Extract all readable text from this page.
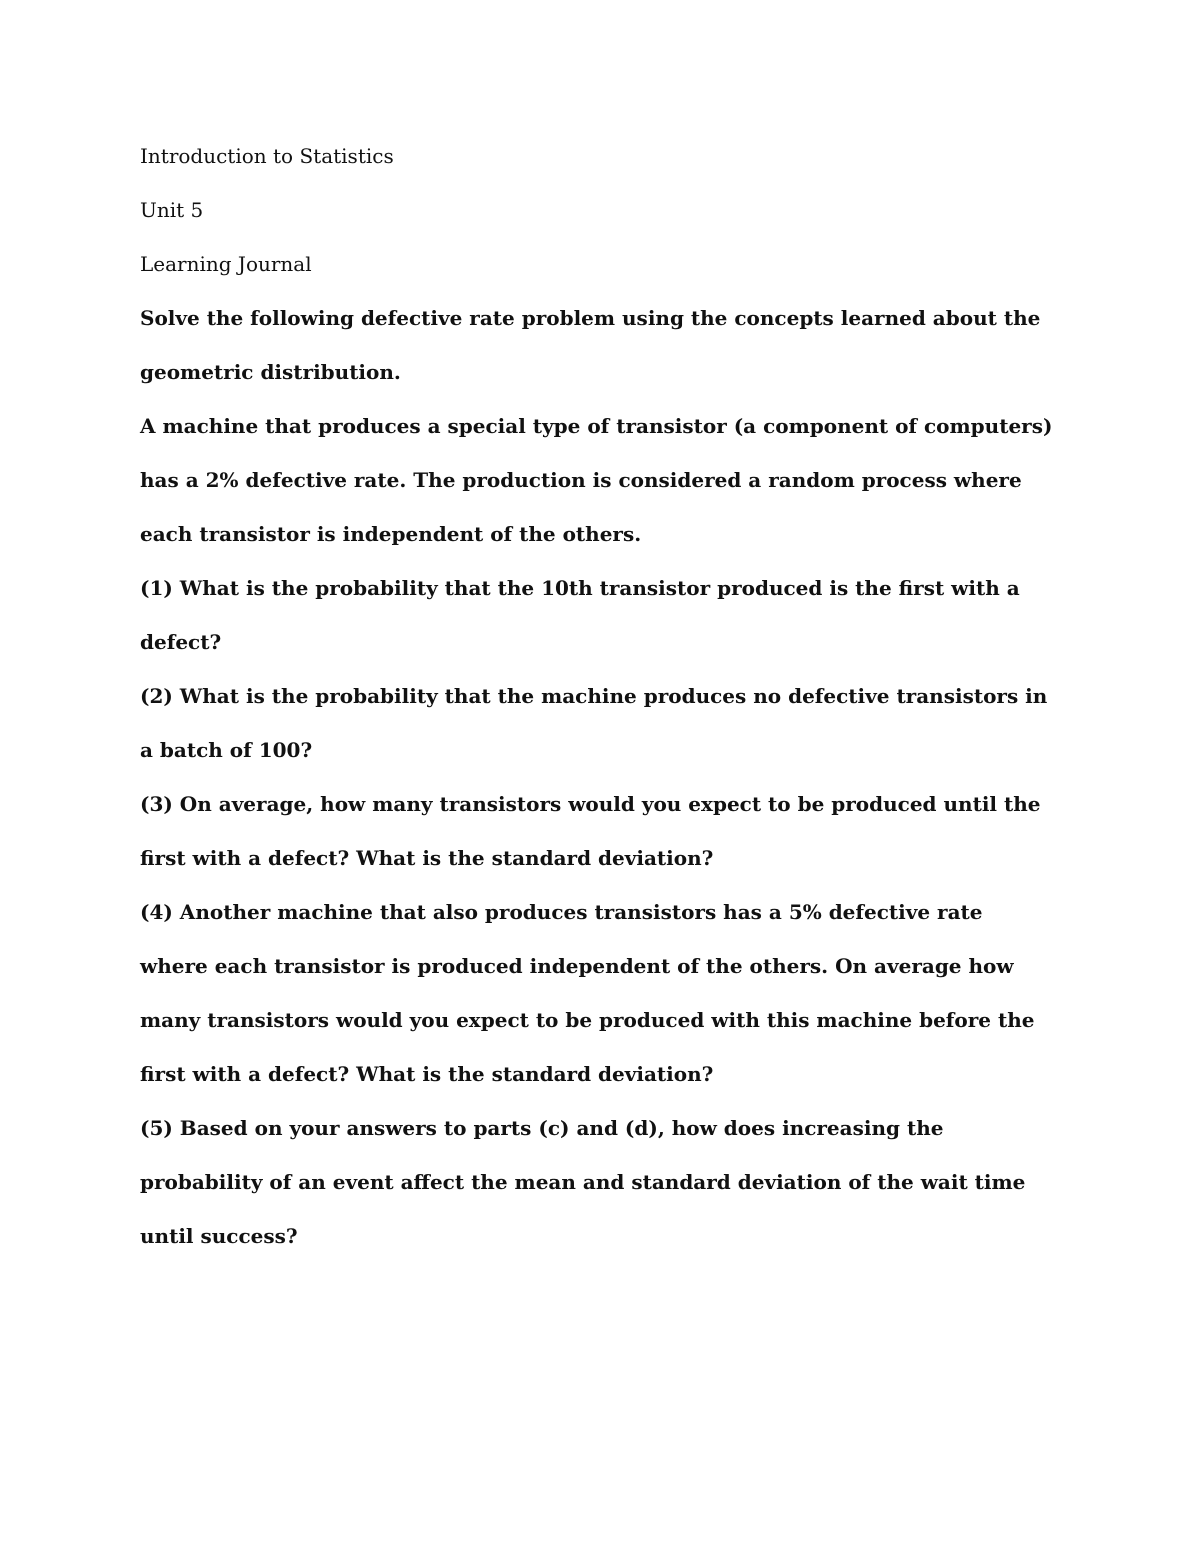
Introduction to Statistics

Unit 5

Learning Journal

Solve the following defective rate problem using the concepts learned about the geometric distribution.

A machine that produces a special type of transistor (a component of computers) has a 2% defective rate. The production is considered a random process where each transistor is independent of the others.

(1) What is the probability that the 10th transistor produced is the first with a defect?

(2) What is the probability that the machine produces no defective transistors in a batch of 100?

(3) On average, how many transistors would you expect to be produced until the first with a defect? What is the standard deviation?

(4) Another machine that also produces transistors has a 5% defective rate where each transistor is produced independent of the others. On average how many transistors would you expect to be produced with this machine before the first with a defect? What is the standard deviation?

(5) Based on your answers to parts (c) and (d), how does increasing the probability of an event affect the mean and standard deviation of the wait time until success?
